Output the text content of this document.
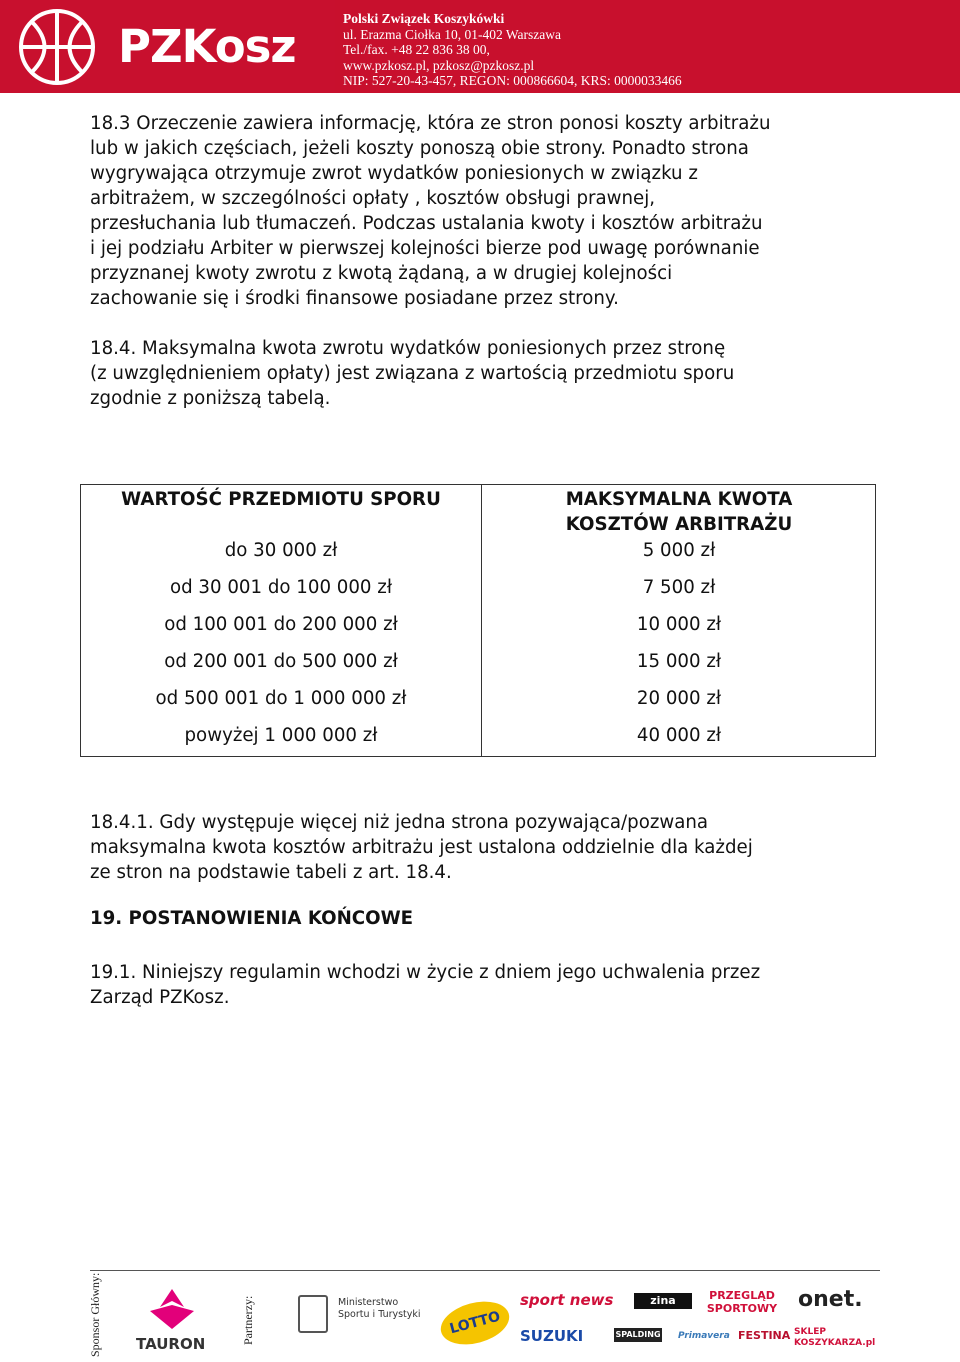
PZKosz
Polski Związek Koszykówki
ul. Erazma Ciołka 10, 01-402 Warszawa
Tel./fax. +48 22 836 38 00,
www.pzkosz.pl, pzkosz@pzkosz.pl
NIP: 527-20-43-457, REGON: 000866604, KRS: 0000033466
18.3 Orzeczenie zawiera informację, która ze stron ponosi koszty arbitrażu
lub w jakich częściach, jeżeli koszty ponoszą obie strony. Ponadto strona
wygrywająca otrzymuje zwrot wydatków poniesionych w związku z
arbitrażem, w szczególności opłaty , kosztów obsługi prawnej,
przesłuchania lub tłumaczeń. Podczas ustalania kwoty i kosztów arbitrażu
i jej podziału Arbiter w pierwszej kolejności bierze pod uwagę porównanie
przyznanej kwoty zwrotu z kwotą żądaną, a w drugiej kolejności
zachowanie się i środki finansowe posiadane przez strony.
18.4. Maksymalna kwota zwrotu wydatków poniesionych przez stronę
(z uwzględnieniem opłaty) jest związana z wartością przedmiotu sporu
zgodnie z poniższą tabelą.
WARTOŚĆ PRZEDMIOTU SPORU	MAKSYMALNA KWOTA
KOSZTÓW ARBITRAŻU
do 30 000 zł	5 000 zł
od 30 001 do 100 000 zł	7 500 zł
od 100 001 do 200 000 zł	10 000 zł
od 200 001 do 500 000 zł	15 000 zł
od 500 001 do 1 000 000 zł	20 000 zł
powyżej 1 000 000 zł	40 000 zł
18.4.1. Gdy występuje więcej niż jedna strona pozywająca/pozwana
maksymalna kwota kosztów arbitrażu jest ustalona oddzielnie dla każdej
ze stron na podstawie tabeli z art. 18.4.
19. POSTANOWIENIA KOŃCOWE
19.1. Niniejszy regulamin wchodzi w życie z dniem jego uchwalenia przez
Zarząd PZKosz.
Sponsor Główny: TAURON	Partnerzy:	Ministerstwo
Sportu i Turystyki	LOTTO
sport news	zina	PRZEGLĄD SPORTOWY onet.
SUZUKI	SPALDING Primavera FESTINA SKLEP KOSZYKARZA.pl
